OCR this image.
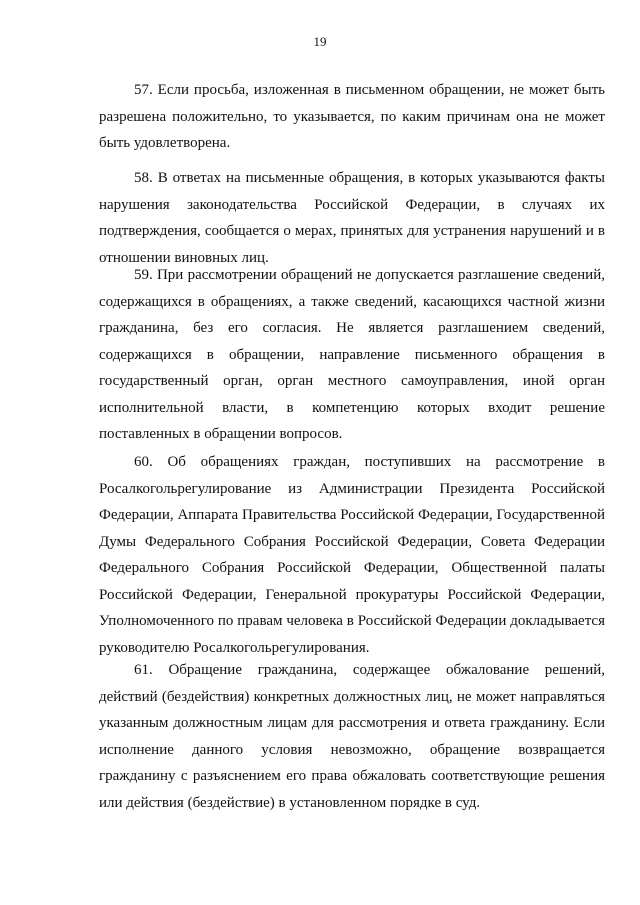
19

57. Если просьба, изложенная в письменном обращении, не может быть разрешена положительно, то указывается, по каким причинам она не может быть удовлетворена.

58. В ответах на письменные обращения, в которых указываются факты нарушения законодательства Российской Федерации, в случаях их подтверждения, сообщается о мерах, принятых для устранения нарушений и в отношении виновных лиц.

59. При рассмотрении обращений не допускается разглашение сведений, содержащихся в обращениях, а также сведений, касающихся частной жизни гражданина, без его согласия. Не является разглашением сведений, содержащихся в обращении, направление письменного обращения в государственный орган, орган местного самоуправления, иной орган исполнительной власти, в компетенцию которых входит решение поставленных в обращении вопросов.

60. Об обращениях граждан, поступивших на рассмотрение в Росалкогольрегулирование из Администрации Президента Российской Федерации, Аппарата Правительства Российской Федерации, Государственной Думы Федерального Собрания Российской Федерации, Совета Федерации Федерального Собрания Российской Федерации, Общественной палаты Российской Федерации, Генеральной прокуратуры Российской Федерации, Уполномоченного по правам человека в Российской Федерации докладывается руководителю Росалкогольрегулирования.

61. Обращение гражданина, содержащее обжалование решений, действий (бездействия) конкретных должностных лиц, не может направляться указанным должностным лицам для рассмотрения и ответа гражданину. Если исполнение данного условия невозможно, обращение возвращается гражданину с разъяснением его права обжаловать соответствующие решения или действия (бездействие) в установленном порядке в суд.
